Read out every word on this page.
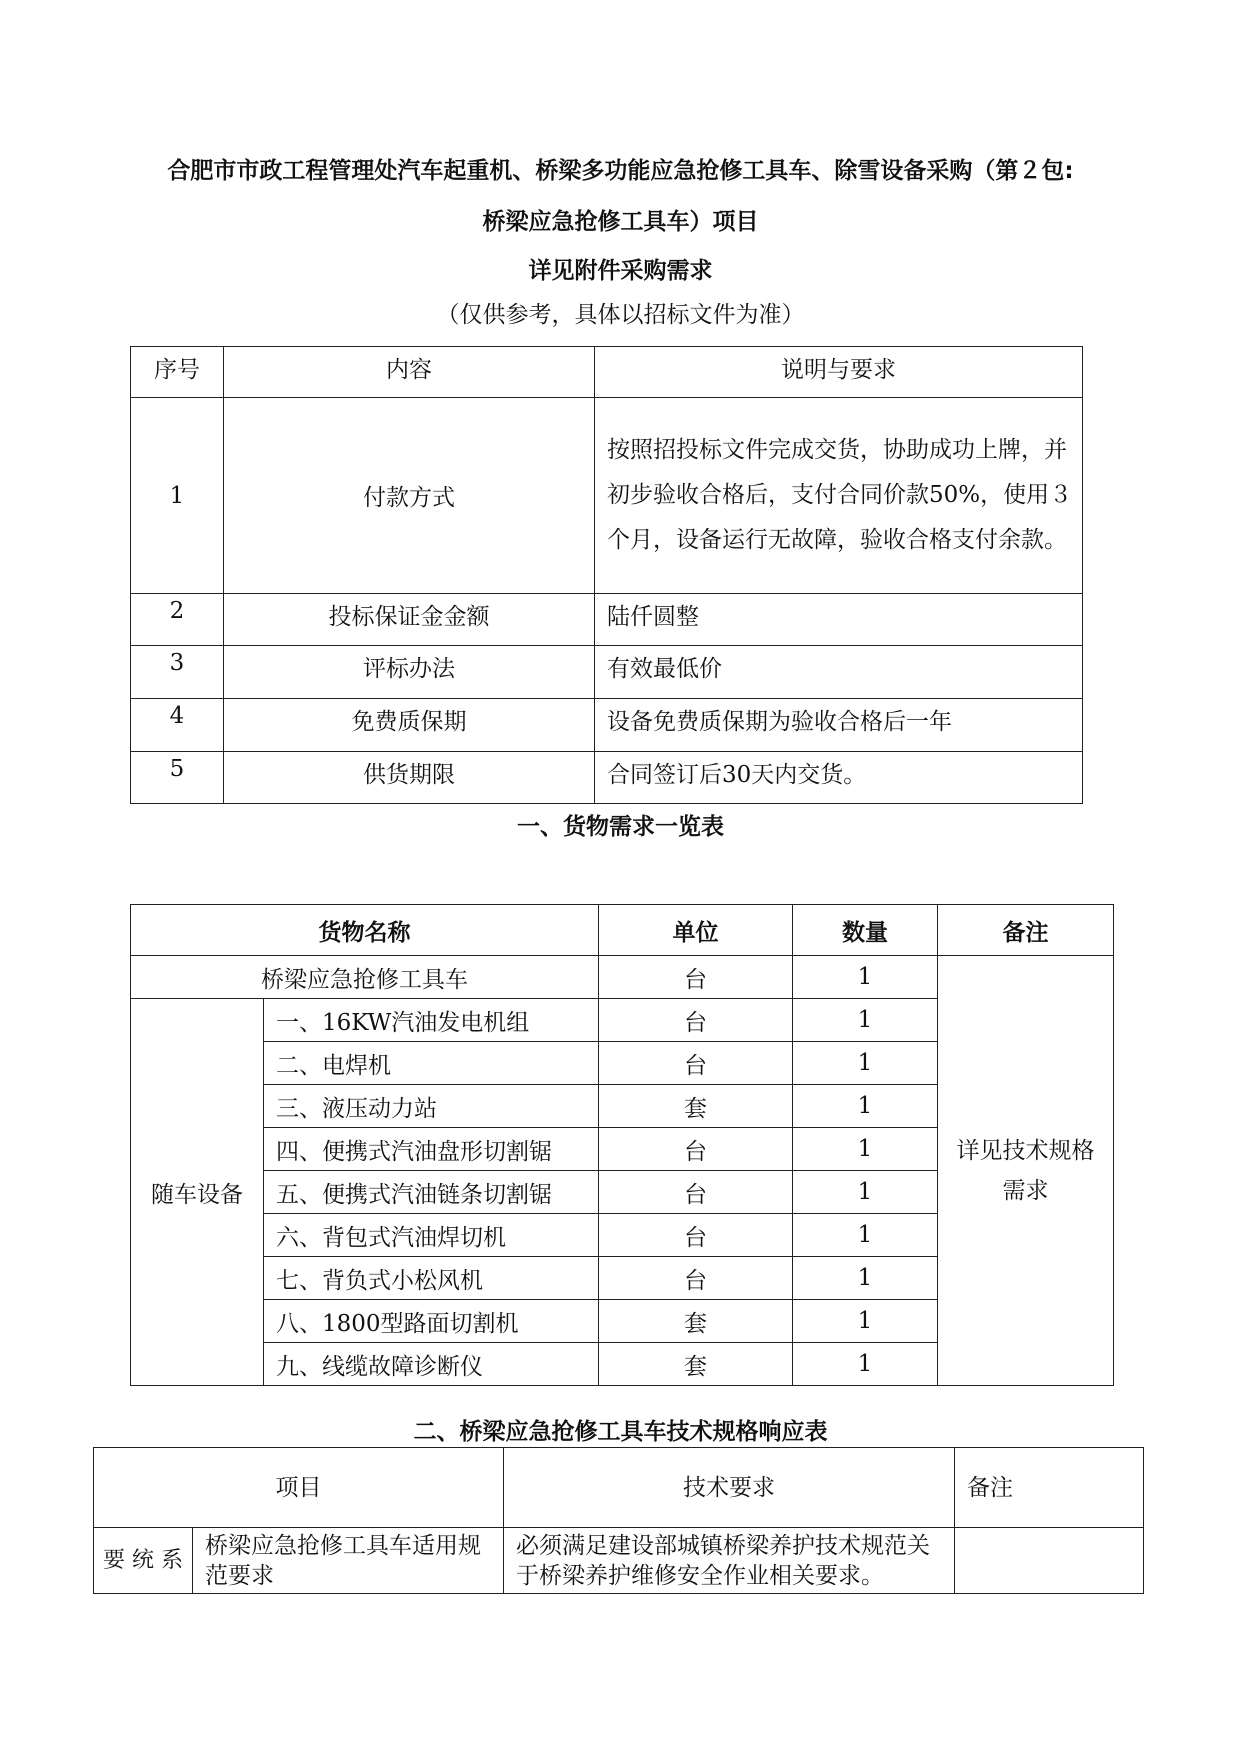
合肥市市政工程管理处汽车起重机、桥梁多功能应急抢修工具车、除雪设备采购（第２包:
桥梁应急抢修工具车）项目
详见附件采购需求
（仅供参考，具体以招标文件为准）
序号	内容	说明与要求
1	付款方式	按照招投标文件完成交货，协助成功上牌，并初步验收合格后，支付合同价款50%，使用３个月，设备运行无故障，验收合格支付余款。
2	投标保证金金额	陆仟圆整
3	评标办法	有效最低价
4	免费质保期	设备免费质保期为验收合格后一年
5	供货期限	合同签订后30天内交货。
一、货物需求一览表
货物名称		单位	数量	备注
桥梁应急抢修工具车		台	1	详见技术规格需求
随车设备	一、16KW汽油发电机组	台	1	
	二、电焊机	台	1	
	三、液压动力站	套	1	
	四、便携式汽油盘形切割锯	台	1	
	五、便携式汽油链条切割锯	台	1	
	六、背包式汽油焊切机	台	1	
	七、背负式小松风机	台	1	
	八、1800型路面切割机	套	1	
	九、线缆故障诊断仪	套	1	
二、桥梁应急抢修工具车技术规格响应表
项目		技术要求	备注
要 统 系	桥梁应急抢修工具车适用规范要求	必须满足建设部城镇桥梁养护技术规范关于桥梁养护维修安全作业相关要求。	
